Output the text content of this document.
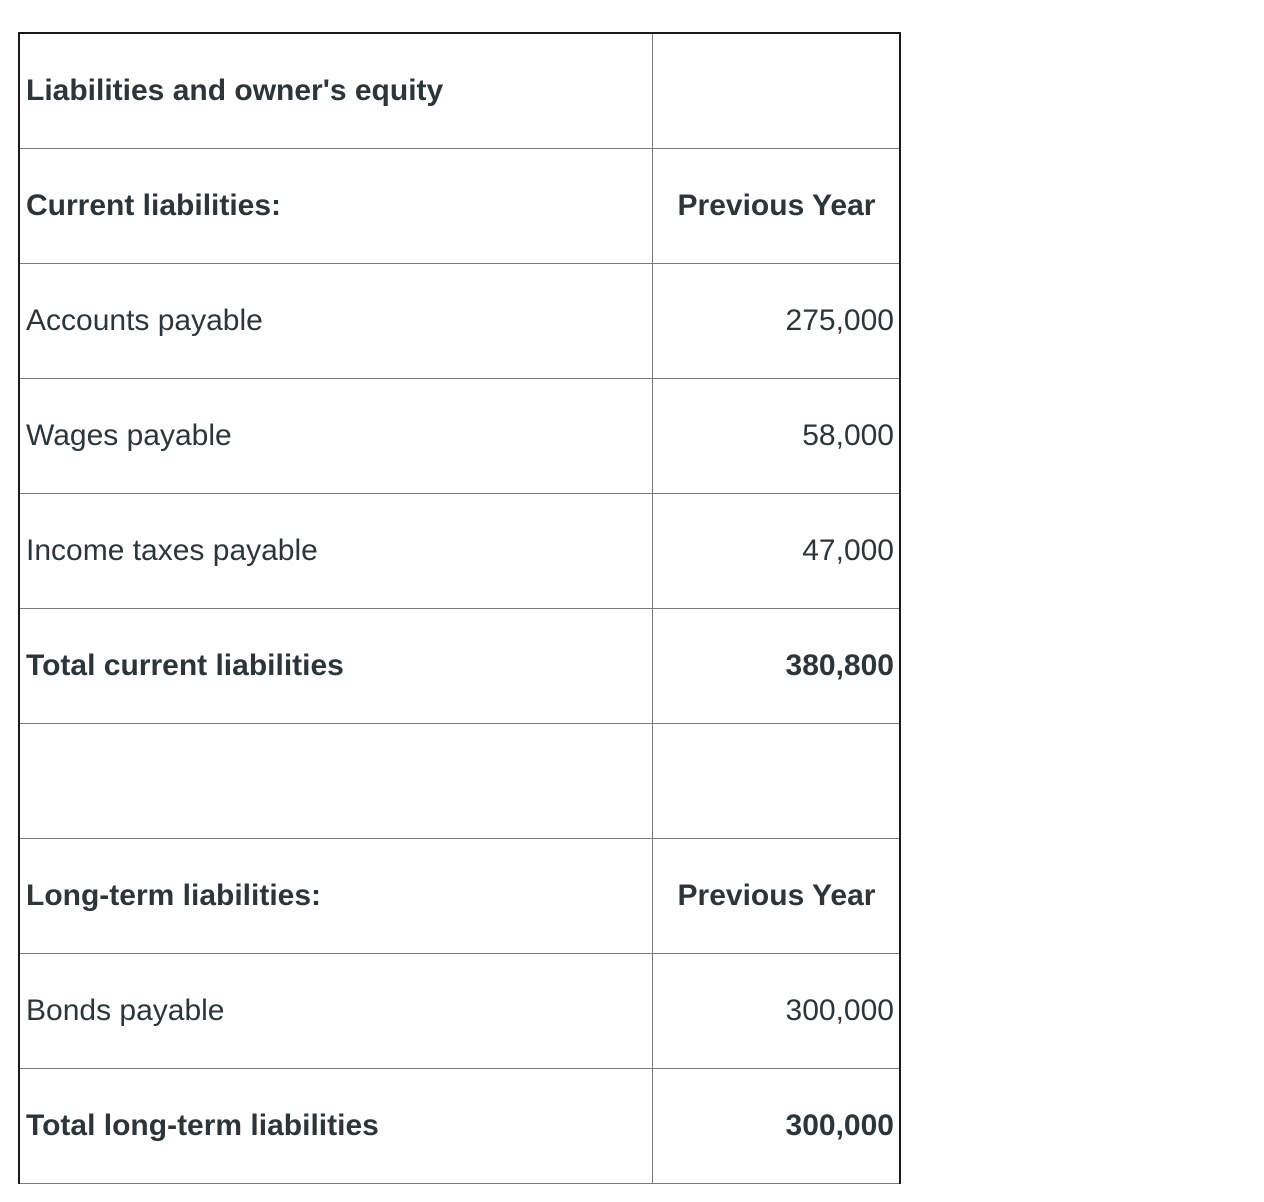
Liabilities and owner's equity	
Current liabilities:	Previous Year
Accounts payable	275,000
Wages payable	58,000
Income taxes payable	47,000
Total current liabilities	380,800

Long-term liabilities:	Previous Year
Bonds payable	300,000
Total long-term liabilities	300,000
